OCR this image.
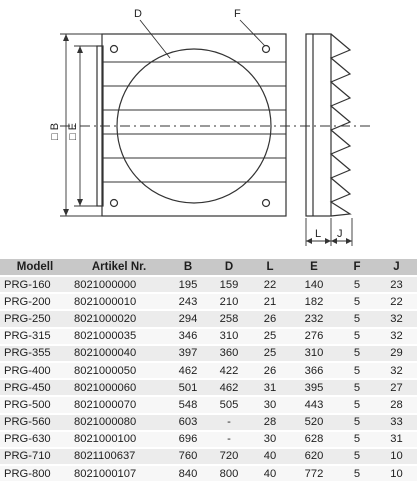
D	F
□ B □ E
L J
Modell	Artikel Nr.	B	D	L	E	F	J
PRG-160	8021000000	195	159	22	140	5	23
PRG-200	8021000010	243	210	21	182	5	22
PRG-250	8021000020	294	258	26	232	5	32
PRG-315	8021000035	346	310	25	276	5	32
PRG-355	8021000040	397	360	25	310	5	29
PRG-400	8021000050	462	422	26	366	5	32
PRG-450	8021000060	501	462	31	395	5	27
PRG-500	8021000070	548	505	30	443	5	28
PRG-560	8021000080	603	-	28	520	5	33
PRG-630	8021000100	696	-	30	628	5	31
PRG-710	8021100637	760	720	40	620	5	10
PRG-800	8021000107	840	800	40	772	5	10
